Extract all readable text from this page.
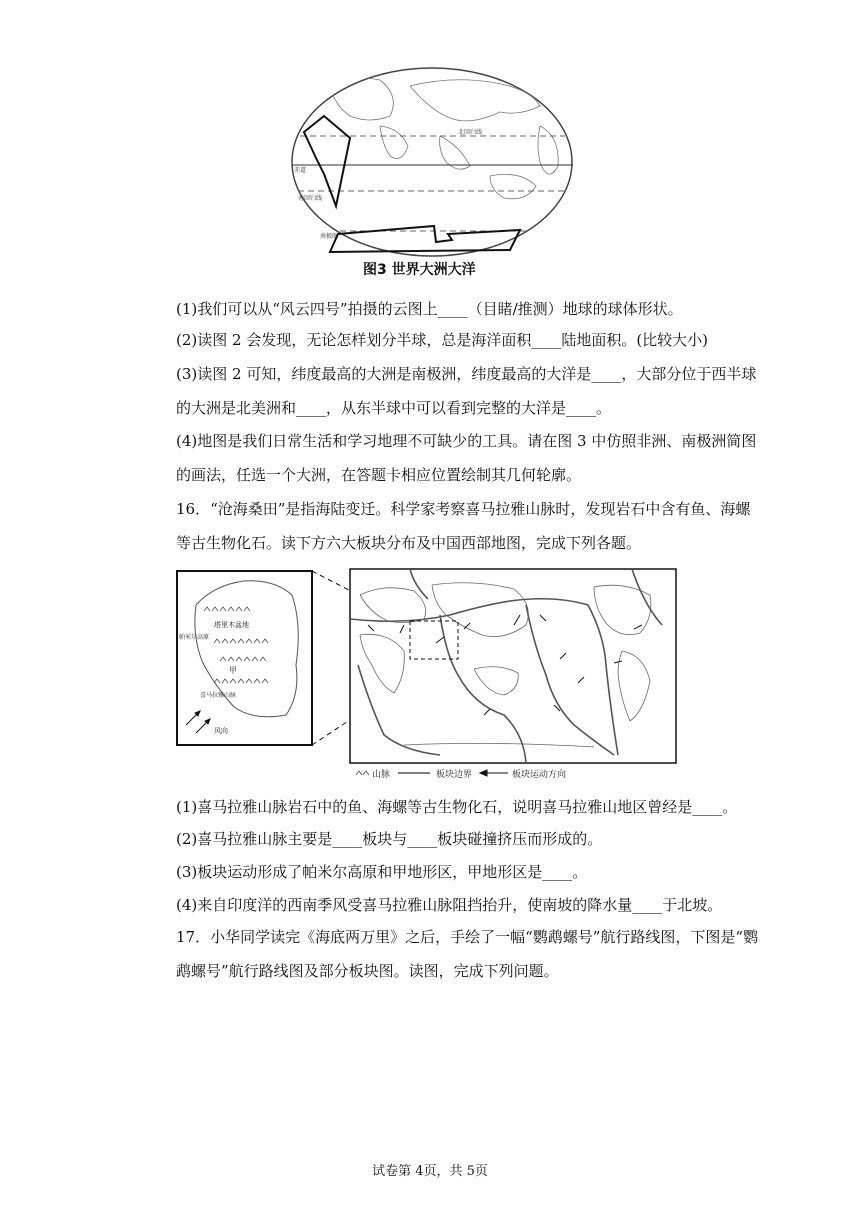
北回归线
赤道
南回归线
南极圈
图3 世界大洲大洋
(1)我们可以从“风云四号”拍摄的云图上____（目睹/推测）地球的球体形状。
(2)读图 2 会发现，无论怎样划分半球，总是海洋面积____陆地面积。(比较大小)
(3)读图 2 可知，纬度最高的大洲是南极洲，纬度最高的大洋是____，大部分位于西半球
的大洲是北美洲和____，从东半球中可以看到完整的大洋是____。
(4)地图是我们日常生活和学习地理不可缺少的工具。请在图 3 中仿照非洲、南极洲简图
的画法，任选一个大洲，在答题卡相应位置绘制其几何轮廓。
16．“沧海桑田”是指海陆变迁。科学家考察喜马拉雅山脉时，发现岩石中含有鱼、海螺
等古生物化石。读下方六大板块分布及中国西部地图，完成下列各题。
塔里木盆地
帕米尔高原
甲
喜马拉雅山脉
风向
山脉	板块边界	板块运动方向
(1)喜马拉雅山脉岩石中的鱼、海螺等古生物化石，说明喜马拉雅山地区曾经是____。
(2)喜马拉雅山脉主要是____板块与____板块碰撞挤压而形成的。
(3)板块运动形成了帕米尔高原和甲地形区，甲地形区是____。
(4)来自印度洋的西南季风受喜马拉雅山脉阻挡抬升，使南坡的降水量____于北坡。
17．小华同学读完《海底两万里》之后，手绘了一幅“鹦鹉螺号”航行路线图，下图是“鹦
鹉螺号”航行路线图及部分板块图。读图，完成下列问题。
试卷第 4页，共 5页
